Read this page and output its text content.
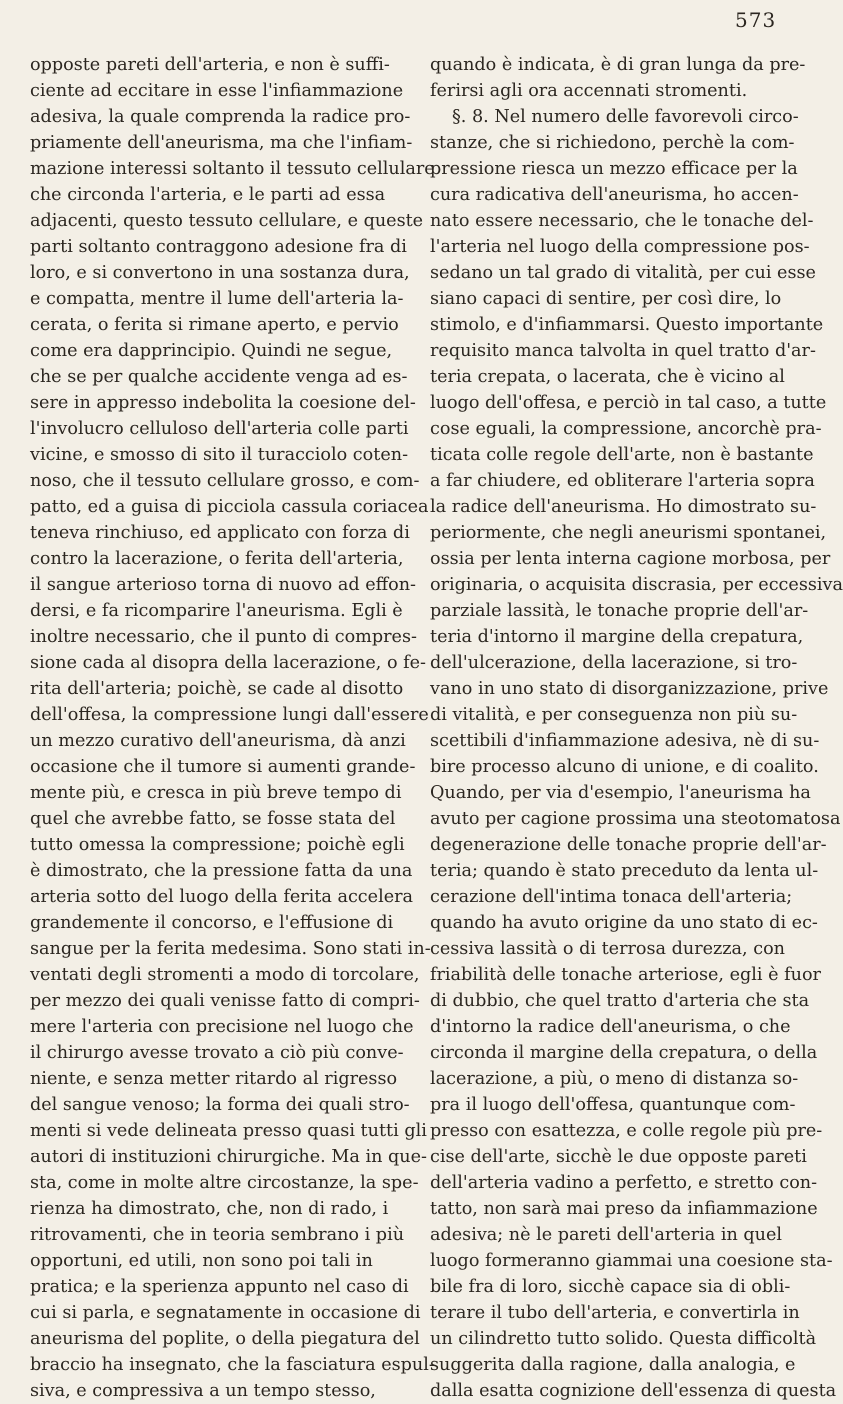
573
opposte pareti dell'arteria, e non è suffi-
ciente ad eccitare in esse l'infiammazione
adesiva, la quale comprenda la radice pro-
priamente dell'aneurisma, ma che l'infiam-
mazione interessi soltanto il tessuto cellulare
che circonda l'arteria, e le parti ad essa
adjacenti, questo tessuto cellulare, e queste
parti soltanto contraggono adesione fra di
loro, e si convertono in una sostanza dura,
e compatta, mentre il lume dell'arteria la-
cerata, o ferita si rimane aperto, e pervio
come era dapprincipio. Quindi ne segue,
che se per qualche accidente venga ad es-
sere in appresso indebolita la coesione del-
l'involucro celluloso dell'arteria colle parti
vicine, e smosso di sito il turacciolo coten-
noso, che il tessuto cellulare grosso, e com-
patto, ed a guisa di picciola cassula coriacea
teneva rinchiuso, ed applicato con forza di
contro la lacerazione, o ferita dell'arteria,
il sangue arterioso torna di nuovo ad effon-
dersi, e fa ricomparire l'aneurisma. Egli è
inoltre necessario, che il punto di compres-
sione cada al disopra della lacerazione, o fe-
rita dell'arteria; poichè, se cade al disotto
dell'offesa, la compressione lungi dall'essere
un mezzo curativo dell'aneurisma, dà anzi
occasione che il tumore si aumenti grande-
mente più, e cresca in più breve tempo di
quel che avrebbe fatto, se fosse stata del
tutto omessa la compressione; poichè egli
è dimostrato, che la pressione fatta da una
arteria sotto del luogo della ferita accelera
grandemente il concorso, e l'effusione di
sangue per la ferita medesima. Sono stati in-
ventati degli stromenti a modo di torcolare,
per mezzo dei quali venisse fatto di compri-
mere l'arteria con precisione nel luogo che
il chirurgo avesse trovato a ciò più conve-
niente, e senza metter ritardo al rigresso
del sangue venoso; la forma dei quali stro-
menti si vede delineata presso quasi tutti gli
autori di instituzioni chirurgiche. Ma in que-
sta, come in molte altre circostanze, la spe-
rienza ha dimostrato, che, non di rado, i
ritrovamenti, che in teoria sembrano i più
opportuni, ed utili, non sono poi tali in
pratica; e la sperienza appunto nel caso di
cui si parla, e segnatamente in occasione di
aneurisma del poplite, o della piegatura del
braccio ha insegnato, che la fasciatura espul-
siva, e compressiva a un tempo stesso,
quando è indicata, è di gran lunga da pre-
ferirsi agli ora accennati stromenti.
§. 8. Nel numero delle favorevoli circo-
stanze, che si richiedono, perchè la com-
pressione riesca un mezzo efficace per la
cura radicativa dell'aneurisma, ho accen-
nato essere necessario, che le tonache del-
l'arteria nel luogo della compressione pos-
sedano un tal grado di vitalità, per cui esse
siano capaci di sentire, per così dire, lo
stimolo, e d'infiammarsi. Questo importante
requisito manca talvolta in quel tratto d'ar-
teria crepata, o lacerata, che è vicino al
luogo dell'offesa, e perciò in tal caso, a tutte
cose eguali, la compressione, ancorchè pra-
ticata colle regole dell'arte, non è bastante
a far chiudere, ed obliterare l'arteria sopra
la radice dell'aneurisma. Ho dimostrato su-
periormente, che negli aneurismi spontanei,
ossia per lenta interna cagione morbosa, per
originaria, o acquisita discrasia, per eccessiva
parziale lassità, le tonache proprie dell'ar-
teria d'intorno il margine della crepatura,
dell'ulcerazione, della lacerazione, si tro-
vano in uno stato di disorganizzazione, prive
di vitalità, e per conseguenza non più su-
scettibili d'infiammazione adesiva, nè di su-
bire processo alcuno di unione, e di coalito.
Quando, per via d'esempio, l'aneurisma ha
avuto per cagione prossima una steotomatosa
degenerazione delle tonache proprie dell'ar-
teria; quando è stato preceduto da lenta ul-
cerazione dell'intima tonaca dell'arteria;
quando ha avuto origine da uno stato di ec-
cessiva lassità o di terrosa durezza, con
friabilità delle tonache arteriose, egli è fuor
di dubbio, che quel tratto d'arteria che sta
d'intorno la radice dell'aneurisma, o che
circonda il margine della crepatura, o della
lacerazione, a più, o meno di distanza so-
pra il luogo dell'offesa, quantunque com-
presso con esattezza, e colle regole più pre-
cise dell'arte, sicchè le due opposte pareti
dell'arteria vadino a perfetto, e stretto con-
tatto, non sarà mai preso da infiammazione
adesiva; nè le pareti dell'arteria in quel
luogo formeranno giammai una coesione sta-
bile fra di loro, sicchè capace sia di obli-
terare il tubo dell'arteria, e convertirla in
un cilindretto tutto solido. Questa difficoltà
suggerita dalla ragione, dalla analogia, e
dalla esatta cognizione dell'essenza di questa
